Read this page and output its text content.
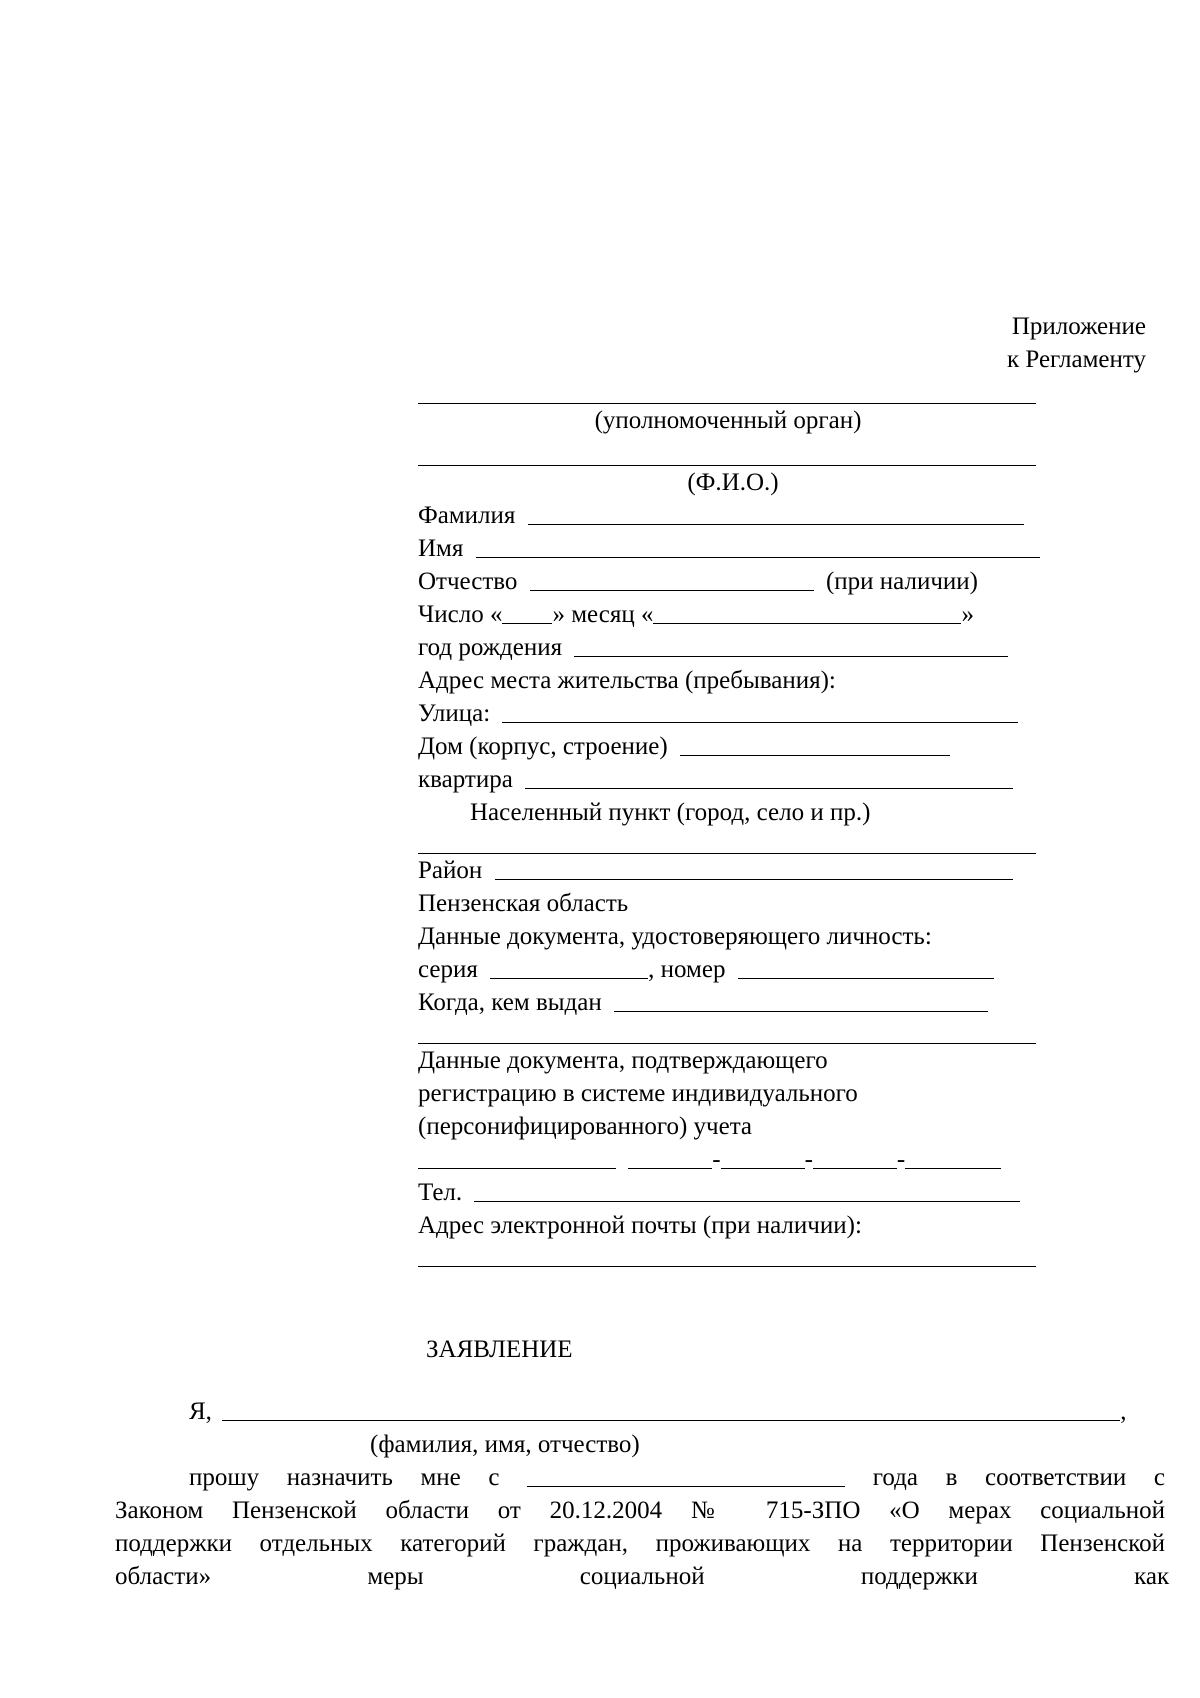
Приложение
к Регламенту
(уполномоченный орган)
(Ф.И.О.)
Фамилия
Имя
Отчество	(при наличии)
Число « » месяц «	»
год рождения
Адрес места жительства (пребывания):
Улица:
Дом (корпус, строение)
квартира
Населенный пункт (город, село и пр.)
Район
Пензенская область
Данные документа, удостоверяющего личность:
серия	, номер
Когда, кем выдан
Данные документа, подтверждающего
регистрацию в системе индивидуального
(персонифицированного) учета
-	-	-
Тел.
Адрес электронной почты (при наличии):
ЗАЯВЛЕНИЕ
Я,	,
(фамилия, имя, отчество)
прошу назначить мне с	года в соответствии с
Законом Пензенской области от 20.12.2004 № 715-ЗПО «О мерах социальной
поддержки отдельных категорий граждан, проживающих на территории Пензенской
области» меры социальной поддержки как
